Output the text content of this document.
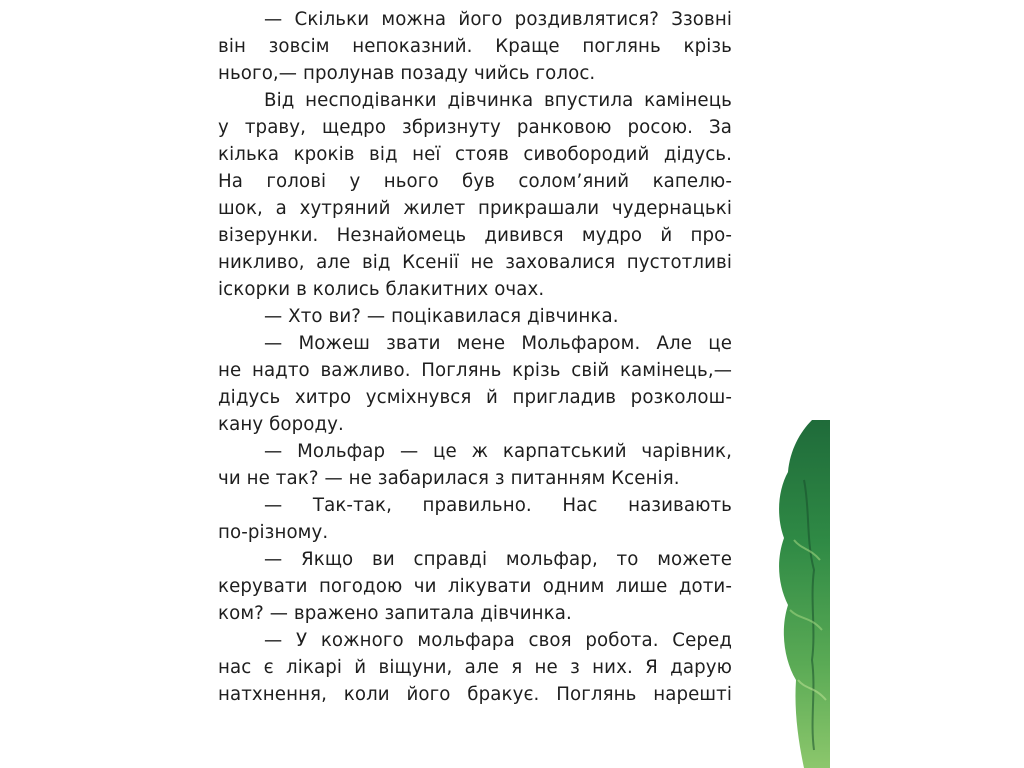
— Скільки можна його роздивлятися? Ззовні
він зовсім непоказний. Краще поглянь крізь
нього,— пролунав позаду чийсь голос.
Від несподіванки дівчинка впустила камінець
у траву, щедро збризнуту ранковою росою. За
кілька кроків від неї стояв сивобородий дідусь.
На голові у нього був солом’яний капелю-
шок, а хутряний жилет прикрашали чудернацькі
візерунки. Незнайомець дивився мудро й про-
никливо, але від Ксенії не заховалися пустотливі
іскорки в колись блакитних очах.
— Хто ви? — поцікавилася дівчинка.
— Можеш звати мене Мольфаром. Але це
не надто важливо. Поглянь крізь свій камінець,—
дідусь хитро усміхнувся й пригладив розколош-
кану бороду.
— Мольфар — це ж карпатський чарівник,
чи не так? — не забарилася з питанням Ксенія.
— Так-так, правильно. Нас називають
по-різному.
— Якщо ви справді мольфар, то можете
керувати погодою чи лікувати одним лише доти-
ком? — вражено запитала дівчинка.
— У кожного мольфара своя робота. Серед
нас є лікарі й віщуни, але я не з них. Я дарую
натхнення, коли його бракує. Поглянь нарешті
